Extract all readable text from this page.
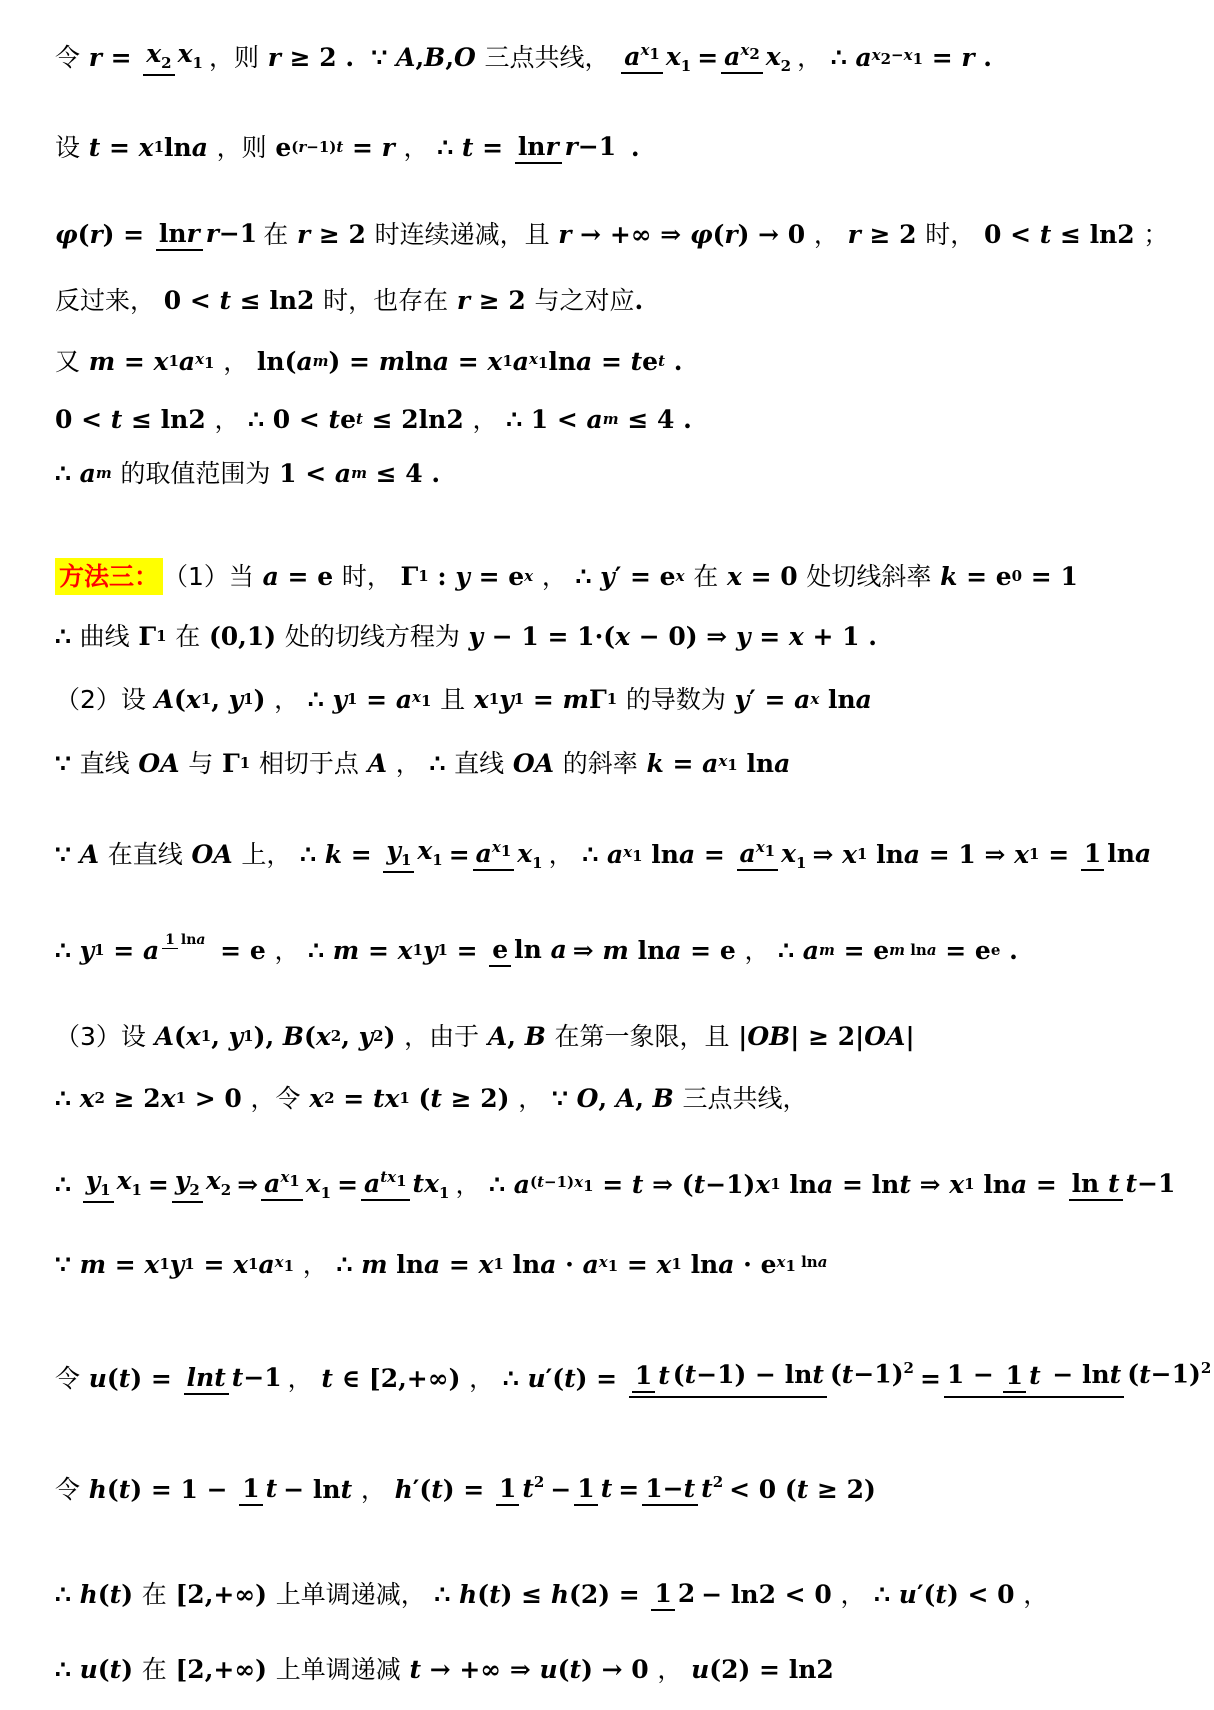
令
$r = x_2$ $x_1$ ，则
r ≥ 2 .  ∵ A , B , O
三点共线，
$a^{x_1}$ $x_1 = a^{x_2}$ $x_2$ ， ∴ a $x_2-x_1 = r$ .
设
t = x 1 ln a
，则 e (r−1)t = r
， ∴ t = lnr r−1 .
φ ( r ) = lnr r−1 在
r ≥ 2 时连续递减，且
r → +∞ ⇒ φ ( r ) → 0 ，
r ≥ 2 时， 0 < t ≤ ln2 ；
反过来， 0 < t ≤ ln2 时，也存在
r ≥ 2 与之对应 .
又
m = x 1 a $x_1$
， ln( a m ) = m ln a = x 1 a $x_1$ ln a = t e t .
0 < t ≤ ln2 ， ∴ 0 < t e t ≤ 2ln2 ， ∴ 1 < a m ≤ 4 .
∴ a m
的取值范围为 1 < a m ≤ 4 .
方法三： （1）当
a = e 时， Γ 1 : y = e x
， ∴ y ′ = e x
在
x = 0 处切线斜率
k = e 0 = 1
∴ 曲线 Γ 1
在 (0,1) 处的切线方程为
y − 1 = 1·( x − 0) ⇒ y = x + 1 .
（2）设
A ( x 1 , y 1 ) ， ∴ y 1 = a $x_1$
且
x 1 y 1 = m Γ 1
的导数为
y ′ = a x ln a
∵ 直线
OA
与 Γ 1
相切于点
A
， ∴ 直线
OA
的斜率
k = a $x_1$ ln a
∵ A
在直线
OA
上， ∴ $k = y_1$ $x_1 = a^{x_1}$ $x_1$ ， ∴ a $x_1$ $\ln a = a^{x_1}$ $x_1$ ⇒ x 1 ln a = 1 ⇒ x 1 = 1 lna
∴ y 1 = a $^{1 lna}$ = e ， ∴ m = x 1 y 1 = e ln a ⇒ m ln a = e ， ∴ a m = e m lna = e e .
（3）设
A ( x 1 , y 1 ), B ( x 2 , y 2 ) ，由于
A , B
在第一象限，且 | OB | ≥ 2| OA |
∴ x 2 ≥ 2 x 1 > 0 ，令
x 2 = tx 1 ( t ≥ 2) ， ∵ O , A , B
三点共线，
∴ $y_1$ $x_1 = y_2$ $x_2$ ⇒ $a^{x_1}$ $x_1 = a^{tx_1}$ $tx_1$ ， ∴ a $(t-1)x_1 = t$ ⇒ ( t −1) x 1 ln a = ln t ⇒ x 1 ln a = ln t t−1
∵ m = x 1 y 1 = x 1 a $x_1$
， ∴ m ln a = x 1 ln a · a $x_1 = x$ 1 ln a · e $x_1$ lna
令
u ( t ) = lnt t−1 ，
t ∈ [2,+∞) ， ∴ u ′( t ) = 1 t (t−1) − lnt $(t-1)^2 = 1 - 1$ t − lnt $(t-1)^2$
令
h ( t ) = 1 − 1 t − ln t
，
h ′( t ) = 1 $t^2 - 1$ t = 1−t $t^2 < 0$ ( t ≥ 2)
∴ h ( t ) 在 [2,+∞) 上单调递减， ∴ h ( t ) ≤ h (2) = 1 2 − ln2 < 0 ， ∴ u ′( t ) < 0 ，
∴ u ( t ) 在 [2,+∞) 上单调递减
t → +∞ ⇒ u ( t ) → 0 ，
u (2) = ln2
